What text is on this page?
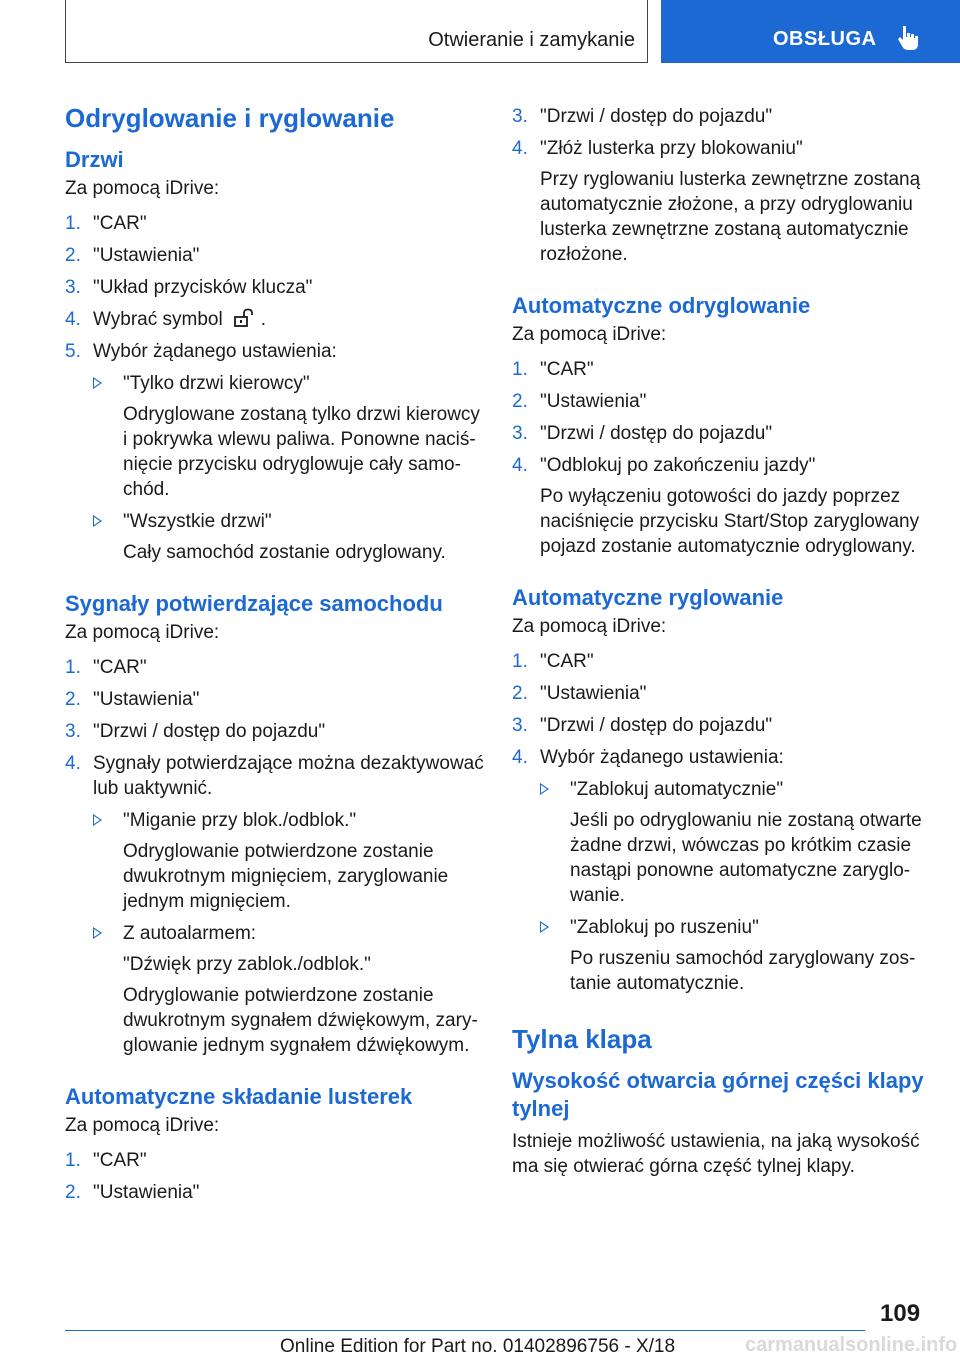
Otwieranie i zamykanie	OBSŁUGA
Odryglowanie i ryglowanie
Drzwi

Za pomocą iDrive:

1. "CAR"
2. "Ustawienia"
3. "Układ przycisków klucza"
4. Wybrać symbol .
5. Wybór żądanego ustawienia:
"Tylko drzwi kierowcy"

Odryglowane zostaną tylko drzwi kierowcy i pokrywka wlewu paliwa. Ponowne naciśnięcie przycisku odryglowuje cały samochód.

"Wszystkie drzwi"

Cały samochód zostanie odryglowany.

Sygnały potwierdzające samochodu

Za pomocą iDrive:

1. "CAR"
2. "Ustawienia"
3. "Drzwi / dostęp do pojazdu"
4. Sygnały potwierdzające można dezaktywować lub uaktywnić.
"Miganie przy blok./odblok."

Odryglowanie potwierdzone zostanie dwukrotnym mignięciem, zaryglowanie jednym mignięciem.

Z autoalarmem:

"Dźwięk przy zablok./odblok."

Odryglowanie potwierdzone zostanie dwukrotnym sygnałem dźwiękowym, zaryglowanie jednym sygnałem dźwiękowym.

Automatyczne składanie lusterek

Za pomocą iDrive:

1. "CAR"
2. "Ustawienia"
3. "Drzwi / dostęp do pojazdu"
4. "Złóż lusterka przy blokowaniu"

Przy ryglowaniu lusterka zewnętrzne zostaną automatycznie złożone, a przy odryglowaniu lusterka zewnętrzne zostaną automatycznie rozłożone.

Automatyczne odryglowanie

Za pomocą iDrive:

1. "CAR"
2. "Ustawienia"
3. "Drzwi / dostęp do pojazdu"
4. "Odblokuj po zakończeniu jazdy"

Po wyłączeniu gotowości do jazdy poprzez naciśnięcie przycisku Start/Stop zaryglowany pojazd zostanie automatycznie odryglowany.

Automatyczne ryglowanie

Za pomocą iDrive:

1. "CAR"
2. "Ustawienia"
3. "Drzwi / dostęp do pojazdu"
4. Wybór żądanego ustawienia:
"Zablokuj automatycznie"

Jeśli po odryglowaniu nie zostaną otwarte żadne drzwi, wówczas po krótkim czasie nastąpi ponowne automatyczne zaryglowanie.

"Zablokuj po ruszeniu"

Po ruszeniu samochód zaryglowany zostanie automatycznie.

Tylna klapa
Wysokość otwarcia górnej części klapy tylnej

Istnieje możliwość ustawienia, na jaką wysokość ma się otwierać górna część tylnej klapy.

109
Online Edition for Part no. 01402896756 - X/18	carmanualsonline.info
